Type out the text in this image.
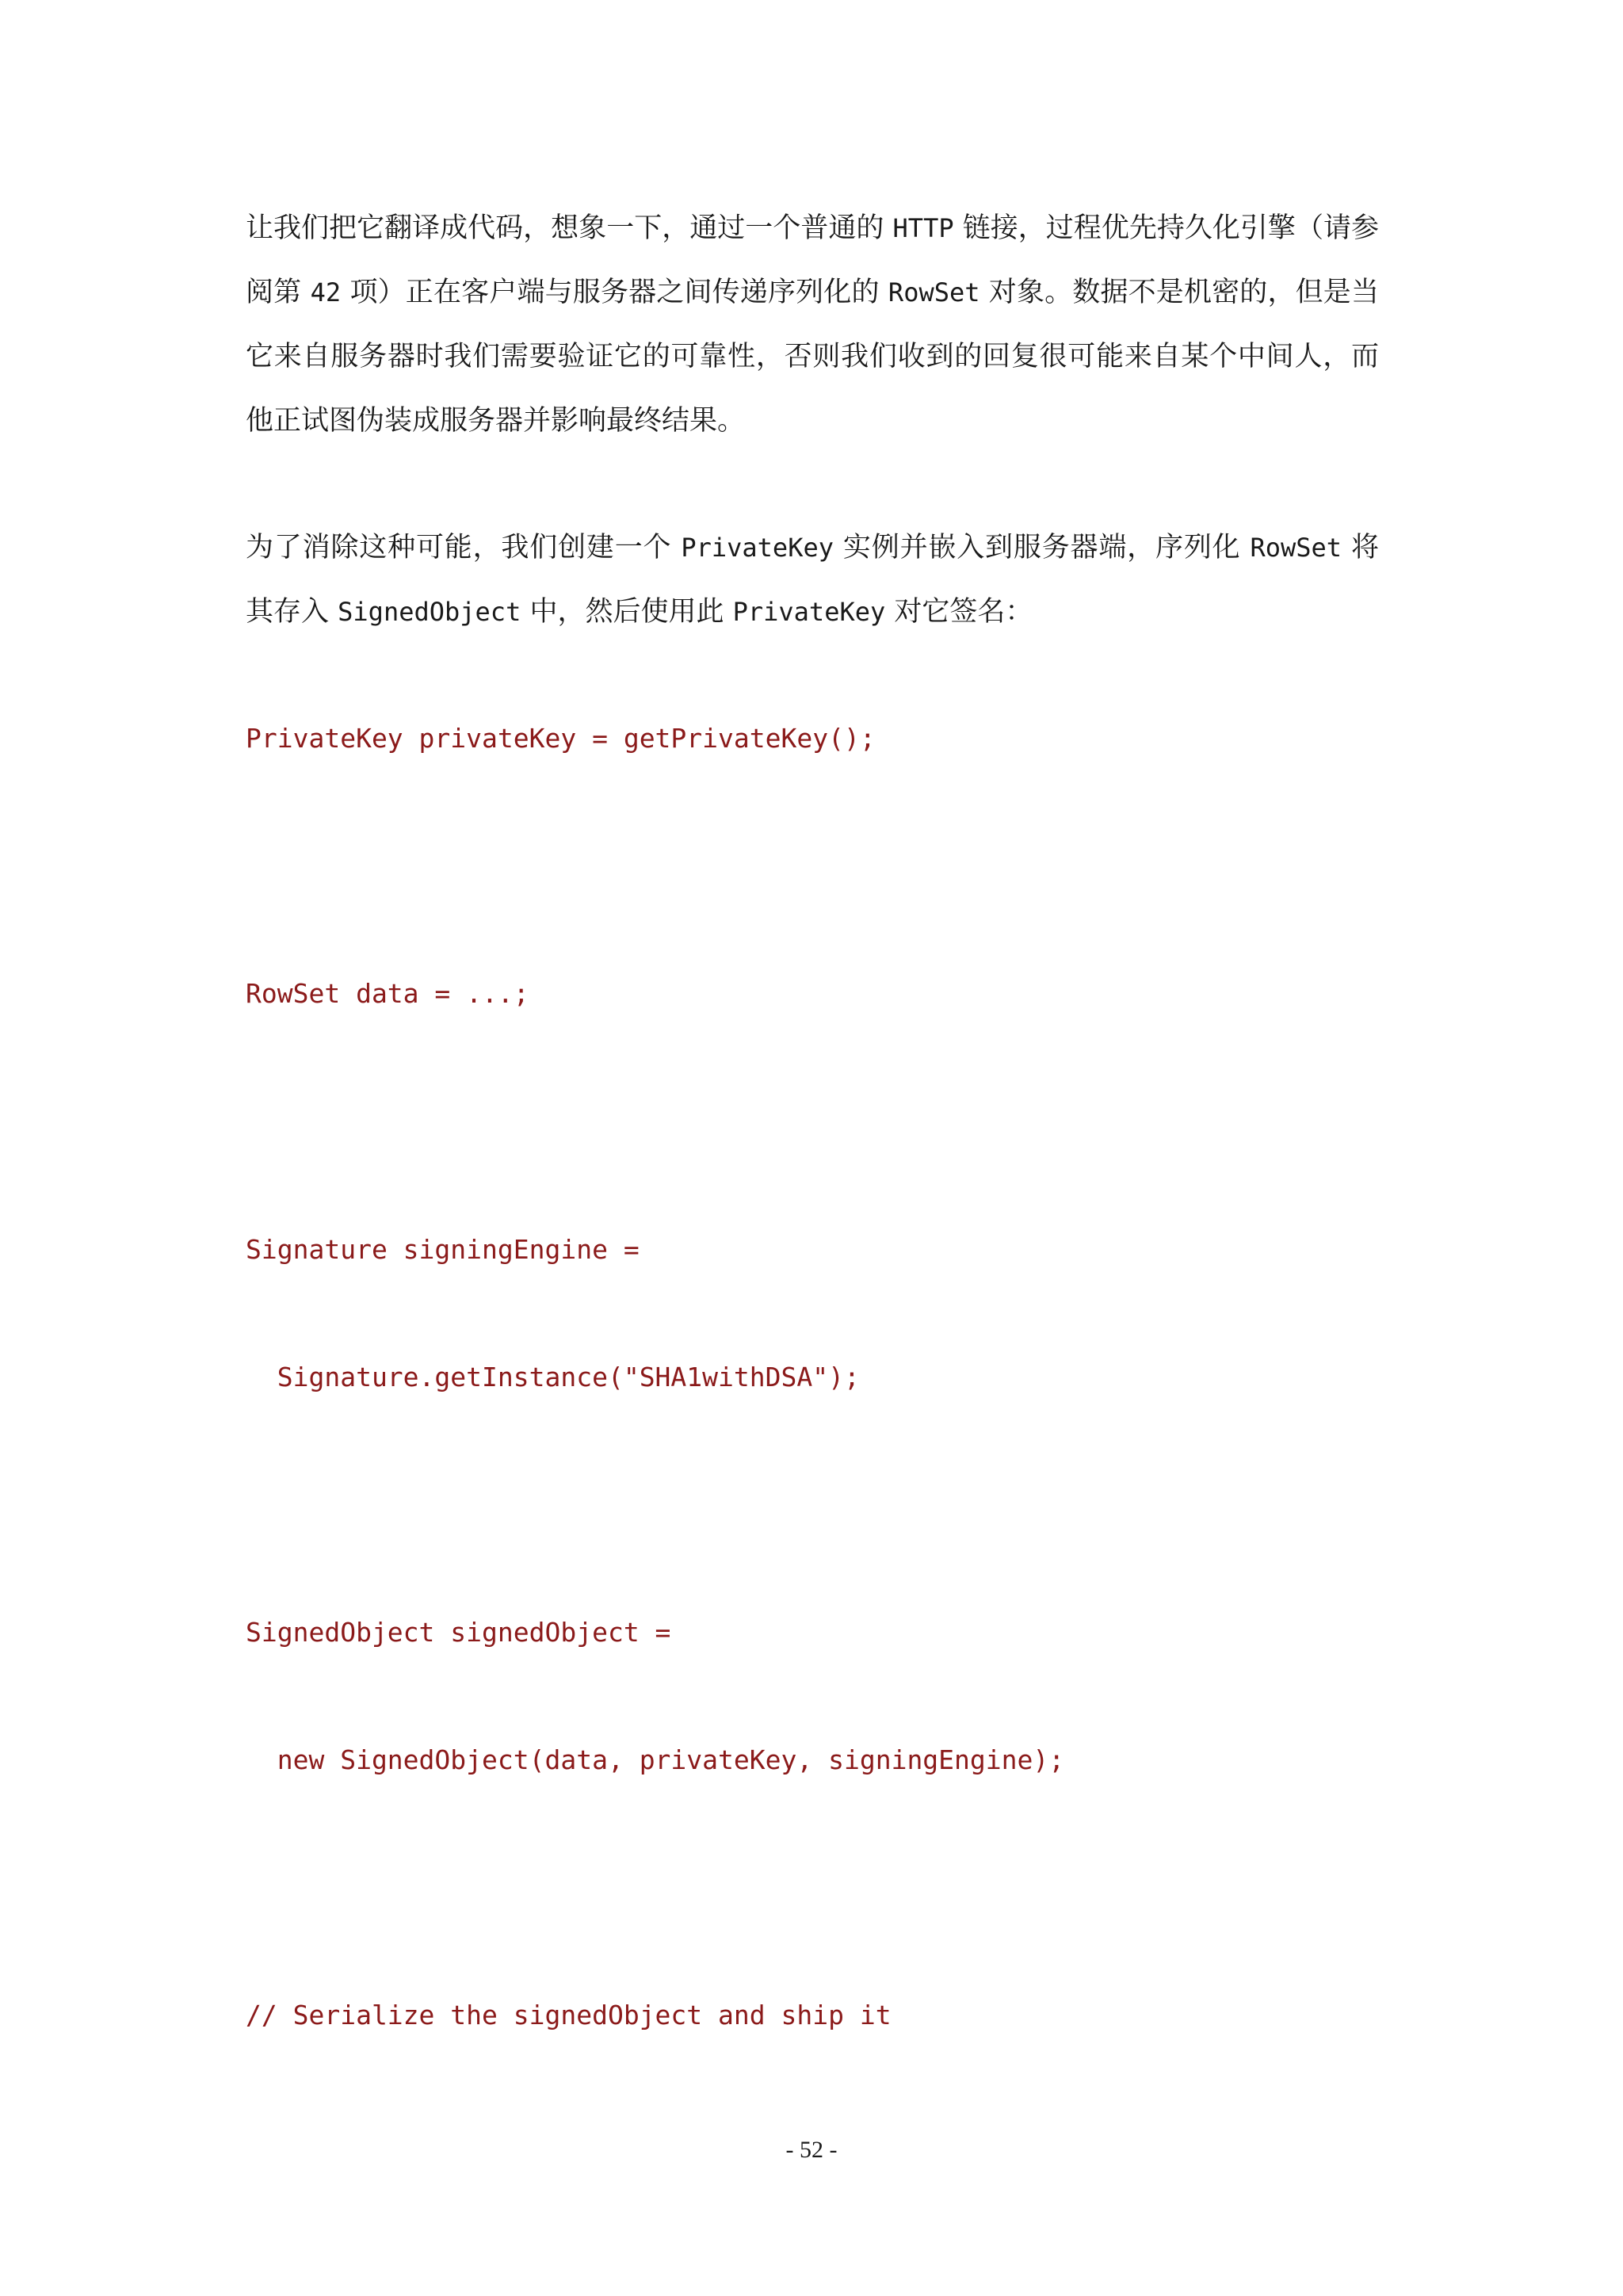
让我们把它翻译成代码，想象一下，通过一个普通的 HTTP 链接，过程优先持久化引擎（请参阅第 42 项）正在客户端与服务器之间传递序列化的 RowSet 对象。数据不是机密的，但是当它来自服务器时我们需要验证它的可靠性，否则我们收到的回复很可能来自某个中间人，而他正试图伪装成服务器并影响最终结果。

为了消除这种可能，我们创建一个 PrivateKey 实例并嵌入到服务器端，序列化 RowSet 将其存入 SignedObject 中，然后使用此 PrivateKey 对它签名：

PrivateKey privateKey = getPrivateKey();
RowSet data = ...;
Signature signingEngine =
Signature.getInstance("SHA1withDSA");
SignedObject signedObject =
new SignedObject(data, privateKey, signingEngine);
// Serialize the signedObject and ship it
- 52 -
